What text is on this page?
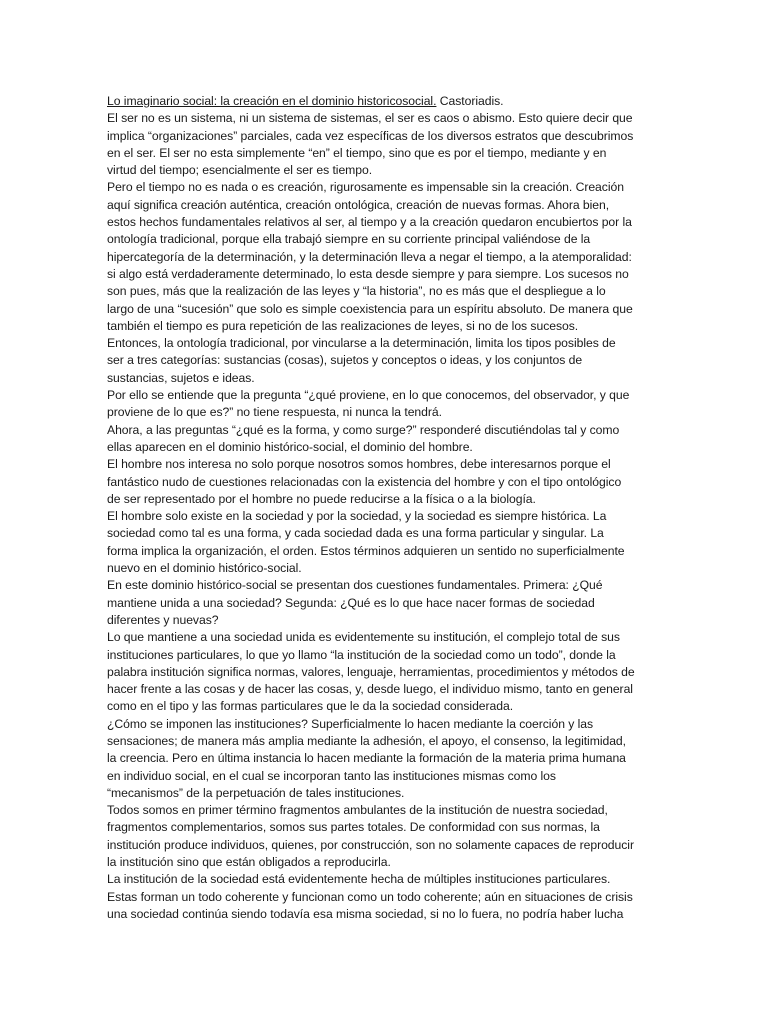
Lo imaginario social: la creación en el dominio historicosocial. Castoriadis.

El ser no es un sistema, ni un sistema de sistemas, el ser es caos o abismo. Esto quiere decir que implica “organizaciones” parciales, cada vez específicas de los diversos estratos que descubrimos en el ser. El ser no esta simplemente “en” el tiempo, sino que es por el tiempo, mediante y en virtud del tiempo; esencialmente el ser es tiempo.

Pero el tiempo no es nada o es creación, rigurosamente es impensable sin la creación. Creación aquí significa creación auténtica, creación ontológica, creación de nuevas formas. Ahora bien, estos hechos fundamentales relativos al ser, al tiempo y a la creación quedaron encubiertos por la ontología tradicional, porque ella trabajó siempre en su corriente principal valiéndose de la hipercategoría de la determinación, y la determinación lleva a negar el tiempo, a la atemporalidad: si algo está verdaderamente determinado, lo esta desde siempre y para siempre. Los sucesos no son pues, más que la realización de las leyes y “la historia”, no es más que el despliegue a lo largo de una “sucesión” que solo es simple coexistencia para un espíritu absoluto. De manera que también el tiempo es pura repetición de las realizaciones de leyes, si no de los sucesos.

Entonces, la ontología tradicional, por vincularse a la determinación, limita los tipos posibles de ser a tres categorías: sustancias (cosas), sujetos y conceptos o ideas, y los conjuntos de sustancias, sujetos e ideas.

Por ello se entiende que la pregunta “¿qué proviene, en lo que conocemos, del observador, y que proviene de lo que es?” no tiene respuesta, ni nunca la tendrá.

Ahora, a las preguntas “¿qué es la forma, y como surge?” responderé discutiéndolas tal y como ellas aparecen en el dominio histórico-social, el dominio del hombre.

El hombre nos interesa no solo porque nosotros somos hombres, debe interesarnos porque el fantástico nudo de cuestiones relacionadas con la existencia del hombre y con el tipo ontológico de ser representado por el hombre no puede reducirse a la física o a la biología.

El hombre solo existe en la sociedad y por la sociedad, y la sociedad es siempre histórica. La sociedad como tal es una forma, y cada sociedad dada es una forma particular y singular. La forma implica la organización, el orden. Estos términos adquieren un sentido no superficialmente nuevo en el dominio histórico-social.

En este dominio histórico-social se presentan dos cuestiones fundamentales. Primera: ¿Qué mantiene unida a una sociedad? Segunda: ¿Qué es lo que hace nacer formas de sociedad diferentes y nuevas?

Lo que mantiene a una sociedad unida es evidentemente su institución, el complejo total de sus instituciones particulares, lo que yo llamo “la institución de la sociedad como un todo”, donde la palabra institución significa normas, valores, lenguaje, herramientas, procedimientos y métodos de hacer frente a las cosas y de hacer las cosas, y, desde luego, el individuo mismo, tanto en general como en el tipo y las formas particulares que le da la sociedad considerada.

¿Cómo se imponen las instituciones? Superficialmente lo hacen mediante la coerción y las sensaciones; de manera más amplia mediante la adhesión, el apoyo, el consenso, la legitimidad, la creencia. Pero en última instancia lo hacen mediante la formación de la materia prima humana en individuo social, en el cual se incorporan tanto las instituciones mismas como los “mecanismos” de la perpetuación de tales instituciones.

Todos somos en primer término fragmentos ambulantes de la institución de nuestra sociedad, fragmentos complementarios, somos sus partes totales. De conformidad con sus normas, la institución produce individuos, quienes, por construcción, son no solamente capaces de reproducir la institución sino que están obligados a reproducirla.

La institución de la sociedad está evidentemente hecha de múltiples instituciones particulares. Estas forman un todo coherente y funcionan como un todo coherente; aún en situaciones de crisis una sociedad continúa siendo todavía esa misma sociedad, si no lo fuera, no podría haber lucha
